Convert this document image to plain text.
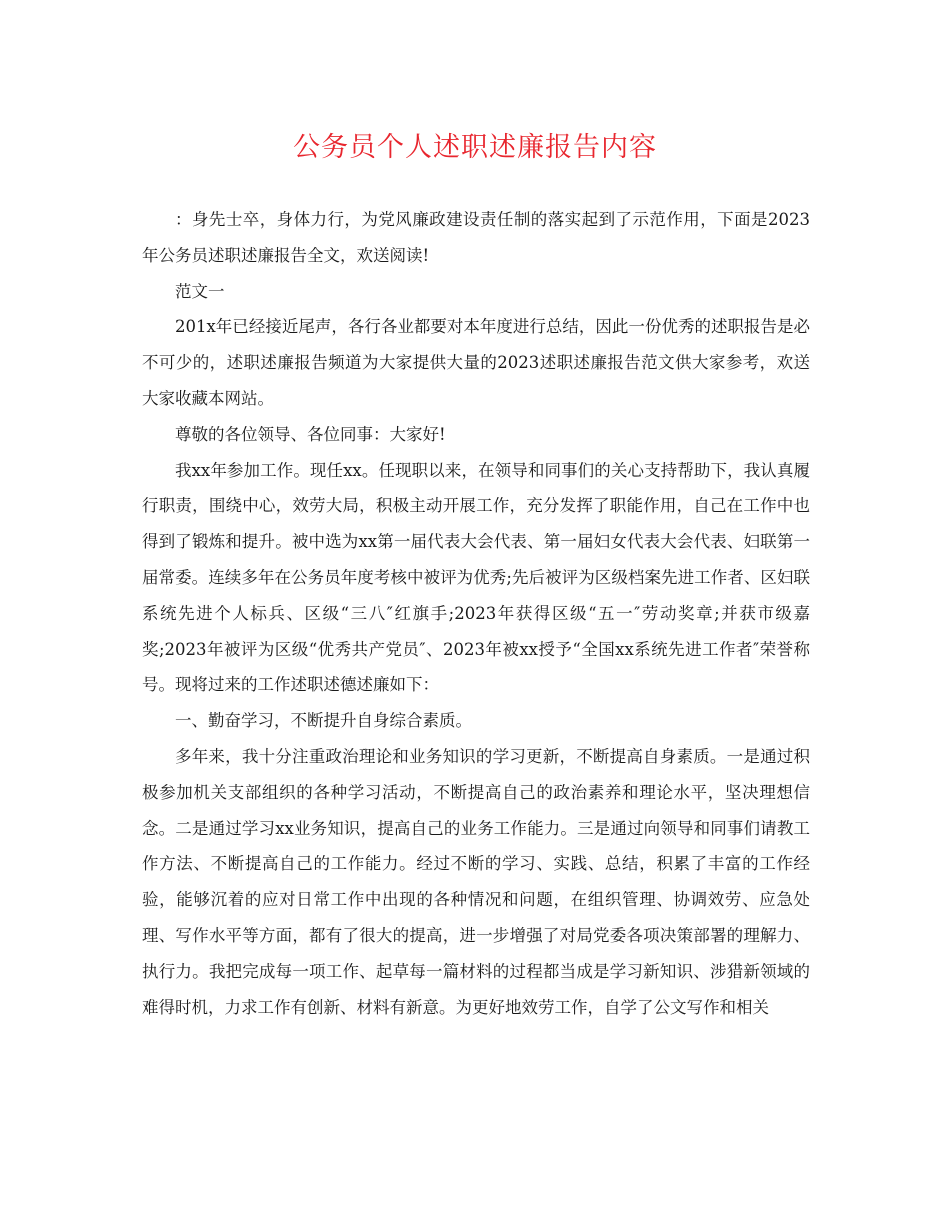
公务员个人述职述廉报告内容

：身先士卒，身体力行，为党风廉政建设责任制的落实起到了示范作用，下面是2023年公务员述职述廉报告全文，欢送阅读!

范文一

201x年已经接近尾声，各行各业都要对本年度进行总结，因此一份优秀的述职报告是必不可少的，述职述廉报告频道为大家提供大量的2023述职述廉报告范文供大家参考，欢送大家收藏本网站。

尊敬的各位领导、各位同事：大家好!

我xx年参加工作。现任xx。任现职以来，在领导和同事们的关心支持帮助下，我认真履行职责，围绕中心，效劳大局，积极主动开展工作，充分发挥了职能作用，自己在工作中也得到了锻炼和提升。被中选为xx第一届代表大会代表、第一届妇女代表大会代表、妇联第一届常委。连续多年在公务员年度考核中被评为优秀;先后被评为区级档案先进工作者、区妇联系统先进个人标兵、区级“三八″红旗手;2023年获得区级“五一″劳动奖章;并获市级嘉奖;2023年被评为区级“优秀共产党员″、2023年被xx授予“全国xx系统先进工作者″荣誉称号。现将过来的工作述职述德述廉如下：

一、勤奋学习，不断提升自身综合素质。

多年来，我十分注重政治理论和业务知识的学习更新，不断提高自身素质。一是通过积极参加机关支部组织的各种学习活动，不断提高自己的政治素养和理论水平，坚决理想信念。二是通过学习xx业务知识，提高自己的业务工作能力。三是通过向领导和同事们请教工作方法、不断提高自己的工作能力。经过不断的学习、实践、总结，积累了丰富的工作经验，能够沉着的应对日常工作中出现的各种情况和问题，在组织管理、协调效劳、应急处理、写作水平等方面，都有了很大的提高，进一步增强了对局党委各项决策部署的理解力、执行力。我把完成每一项工作、起草每一篇材料的过程都当成是学习新知识、涉猎新领域的难得时机，力求工作有创新、材料有新意。为更好地效劳工作，自学了公文写作和相关
